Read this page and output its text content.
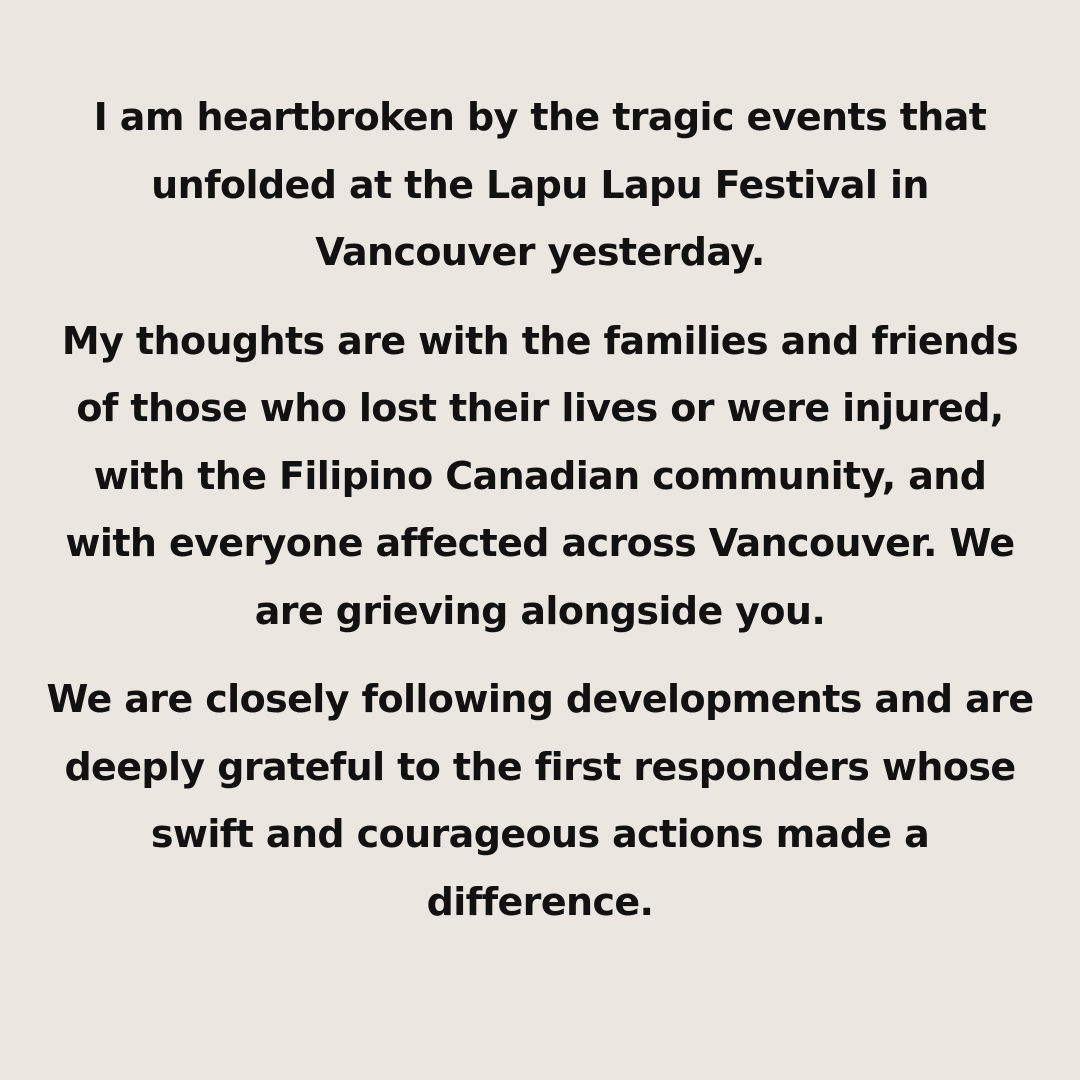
I am heartbroken by the tragic events that
unfolded at the Lapu Lapu Festival in
Vancouver yesterday.

My thoughts are with the families and friends
of those who lost their lives or were injured,
with the Filipino Canadian community, and
with everyone affected across Vancouver. We
are grieving alongside you.

We are closely following developments and are
deeply grateful to the first responders whose
swift and courageous actions made a
difference.
